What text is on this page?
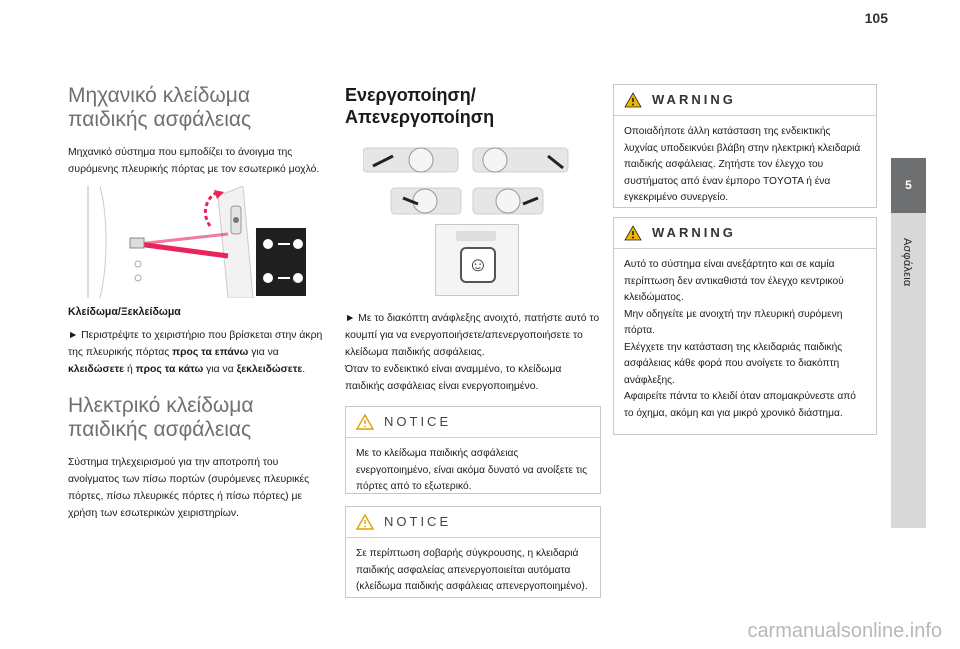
105
5
Ασφάλεια
Μηχανικό κλείδωμα παιδικής ασφάλειας

Μηχανικό σύστημα που εμποδίζει το άνοιγμα της συρόμενης πλευρικής πόρτας με τον εσωτερικό μοχλό.

Κλείδωμα/Ξεκλείδωμα

► Περιστρέψτε το χειριστήριο που βρίσκεται στην άκρη της πλευρικής πόρτας προς τα επάνω για να κλειδώσετε ή προς τα κάτω για να ξεκλειδώσετε.

Ηλεκτρικό κλείδωμα παιδικής ασφάλειας

Σύστημα τηλεχειρισμού για την αποτροπή του ανοίγματος των πίσω πορτών (συρόμενες πλευρικές πόρτες, πίσω πλευρικές πόρτες ή πίσω πόρτες) με χρήση των εσωτερικών χειριστηρίων.

Ενεργοποίηση/ Απενεργοποίηση
☺

► Με το διακόπτη ανάφλεξης ανοιχτό, πατήστε αυτό το κουμπί για να ενεργοποιήσετε/απενεργοποιήσετε το κλείδωμα παιδικής ασφάλειας.

Όταν το ενδεικτικό είναι αναμμένο, το κλείδωμα παιδικής ασφάλειας είναι ενεργοποιημένο.

NOTICE

Με το κλείδωμα παιδικής ασφάλειας ενεργοποιημένο, είναι ακόμα δυνατό να ανοίξετε τις πόρτες από το εξωτερικό.

NOTICE

Σε περίπτωση σοβαρής σύγκρουσης, η κλειδαριά παιδικής ασφαλείας απενεργοποιείται αυτόματα (κλείδωμα παιδικής ασφάλειας απενεργοποιημένο).

WARNING

Οποιαδήποτε άλλη κατάσταση της ενδεικτικής λυχνίας υποδεικνύει βλάβη στην ηλεκτρική κλειδαριά παιδικής ασφάλειας. Ζητήστε τον έλεγχο του συστήματος από έναν έμπορο TOYOTA ή ένα εγκεκριμένο συνεργείο.

WARNING

Αυτό το σύστημα είναι ανεξάρτητο και σε καμία περίπτωση δεν αντικαθιστά τον έλεγχο κεντρικού κλειδώματος.

Μην οδηγείτε με ανοιχτή την πλευρική συρόμενη πόρτα.

Ελέγχετε την κατάσταση της κλειδαριάς παιδικής ασφάλειας κάθε φορά που ανοίγετε το διακόπτη ανάφλεξης.

Αφαιρείτε πάντα το κλειδί όταν απομακρύνεστε από το όχημα, ακόμη και για μικρό χρονικό διάστημα.

carmanualsonline.info
